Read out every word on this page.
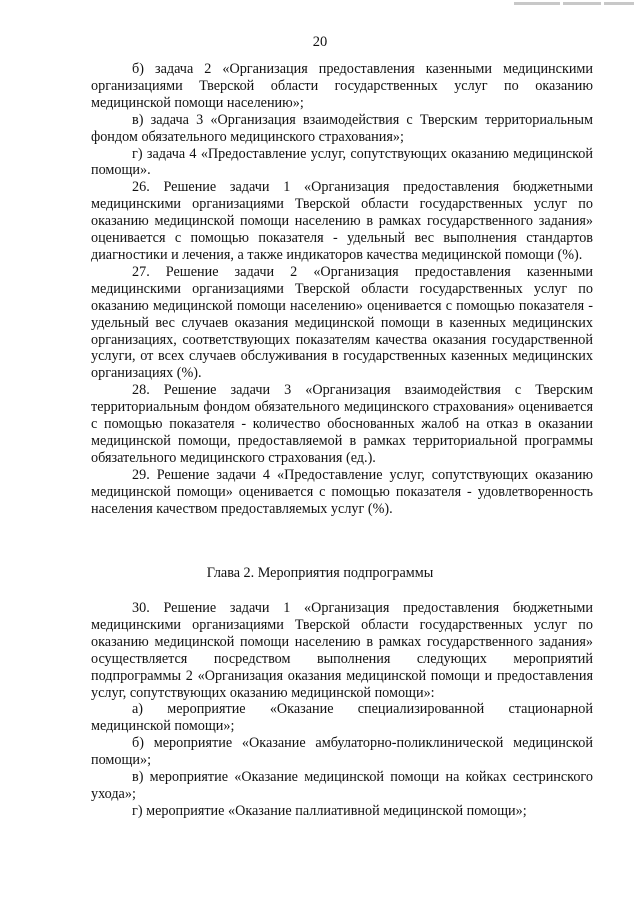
20

б) задача 2 «Организация предоставления казенными медицинскими организациями Тверской области государственных услуг по оказанию медицинской помощи населению»;

в) задача 3 «Организация взаимодействия с Тверским территориальным фондом обязательного медицинского страхования»;

г) задача 4 «Предоставление услуг, сопутствующих оказанию медицинской помощи».

26. Решение задачи 1 «Организация предоставления бюджетными медицинскими организациями Тверской области государственных услуг по оказанию медицинской помощи населению в рамках государственного задания» оценивается с помощью показателя - удельный вес выполнения стандартов диагностики и лечения, а также индикаторов качества медицинской помощи (%).

27. Решение задачи 2 «Организация предоставления казенными медицинскими организациями Тверской области государственных услуг по оказанию медицинской помощи населению» оценивается с помощью показателя - удельный вес случаев оказания медицинской помощи в казенных медицинских организациях, соответствующих показателям качества оказания государственной услуги, от всех случаев обслуживания в государственных казенных медицинских организациях (%).

28. Решение задачи 3 «Организация взаимодействия с Тверским территориальным фондом обязательного медицинского страхования» оценивается с помощью показателя - количество обоснованных жалоб на отказ в оказании медицинской помощи, предоставляемой в рамках территориальной программы обязательного медицинского страхования (ед.).

29. Решение задачи 4 «Предоставление услуг, сопутствующих оказанию медицинской помощи» оценивается с помощью показателя - удовлетворенность населения качеством предоставляемых услуг (%).

Глава 2. Мероприятия подпрограммы

30. Решение задачи 1 «Организация предоставления бюджетными медицинскими организациями Тверской области государственных услуг по оказанию медицинской помощи населению в рамках государственного задания» осуществляется посредством выполнения следующих мероприятий подпрограммы 2 «Организация оказания медицинской помощи и предоставления услуг, сопутствующих оказанию медицинской помощи»:

а) мероприятие «Оказание специализированной стационарной медицинской помощи»;

б) мероприятие «Оказание амбулаторно-поликлинической медицинской помощи»;

в) мероприятие «Оказание медицинской помощи на койках сестринского ухода»;

г) мероприятие «Оказание паллиативной медицинской помощи»;
